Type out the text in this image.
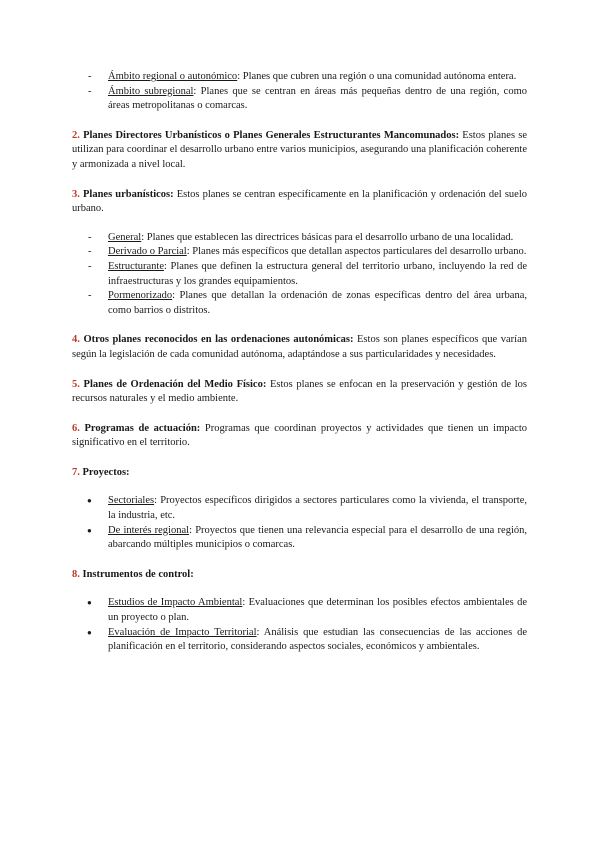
- Ámbito regional o autonómico: Planes que cubren una región o una comunidad autónoma entera.
- Ámbito subregional: Planes que se centran en áreas más pequeñas dentro de una región, como áreas metropolitanas o comarcas.

2. Planes Directores Urbanísticos o Planes Generales Estructurantes Mancomunados: Estos planes se utilizan para coordinar el desarrollo urbano entre varios municipios, asegurando una planificación coherente y armonizada a nivel local.

3. Planes urbanísticos: Estos planes se centran específicamente en la planificación y ordenación del suelo urbano.

- General: Planes que establecen las directrices básicas para el desarrollo urbano de una localidad.
- Derivado o Parcial: Planes más específicos que detallan aspectos particulares del desarrollo urbano.
- Estructurante: Planes que definen la estructura general del territorio urbano, incluyendo la red de infraestructuras y los grandes equipamientos.
- Pormenorizado: Planes que detallan la ordenación de zonas específicas dentro del área urbana, como barrios o distritos.

4. Otros planes reconocidos en las ordenaciones autonómicas: Estos son planes específicos que varían según la legislación de cada comunidad autónoma, adaptándose a sus particularidades y necesidades.

5. Planes de Ordenación del Medio Físico: Estos planes se enfocan en la preservación y gestión de los recursos naturales y el medio ambiente.

6. Programas de actuación: Programas que coordinan proyectos y actividades que tienen un impacto significativo en el territorio.

7. Proyectos:

● Sectoriales: Proyectos específicos dirigidos a sectores particulares como la vivienda, el transporte, la industria, etc.
● De interés regional: Proyectos que tienen una relevancia especial para el desarrollo de una región, abarcando múltiples municipios o comarcas.

8. Instrumentos de control:

● Estudios de Impacto Ambiental: Evaluaciones que determinan los posibles efectos ambientales de un proyecto o plan.
● Evaluación de Impacto Territorial: Análisis que estudian las consecuencias de las acciones de planificación en el territorio, considerando aspectos sociales, económicos y ambientales.
